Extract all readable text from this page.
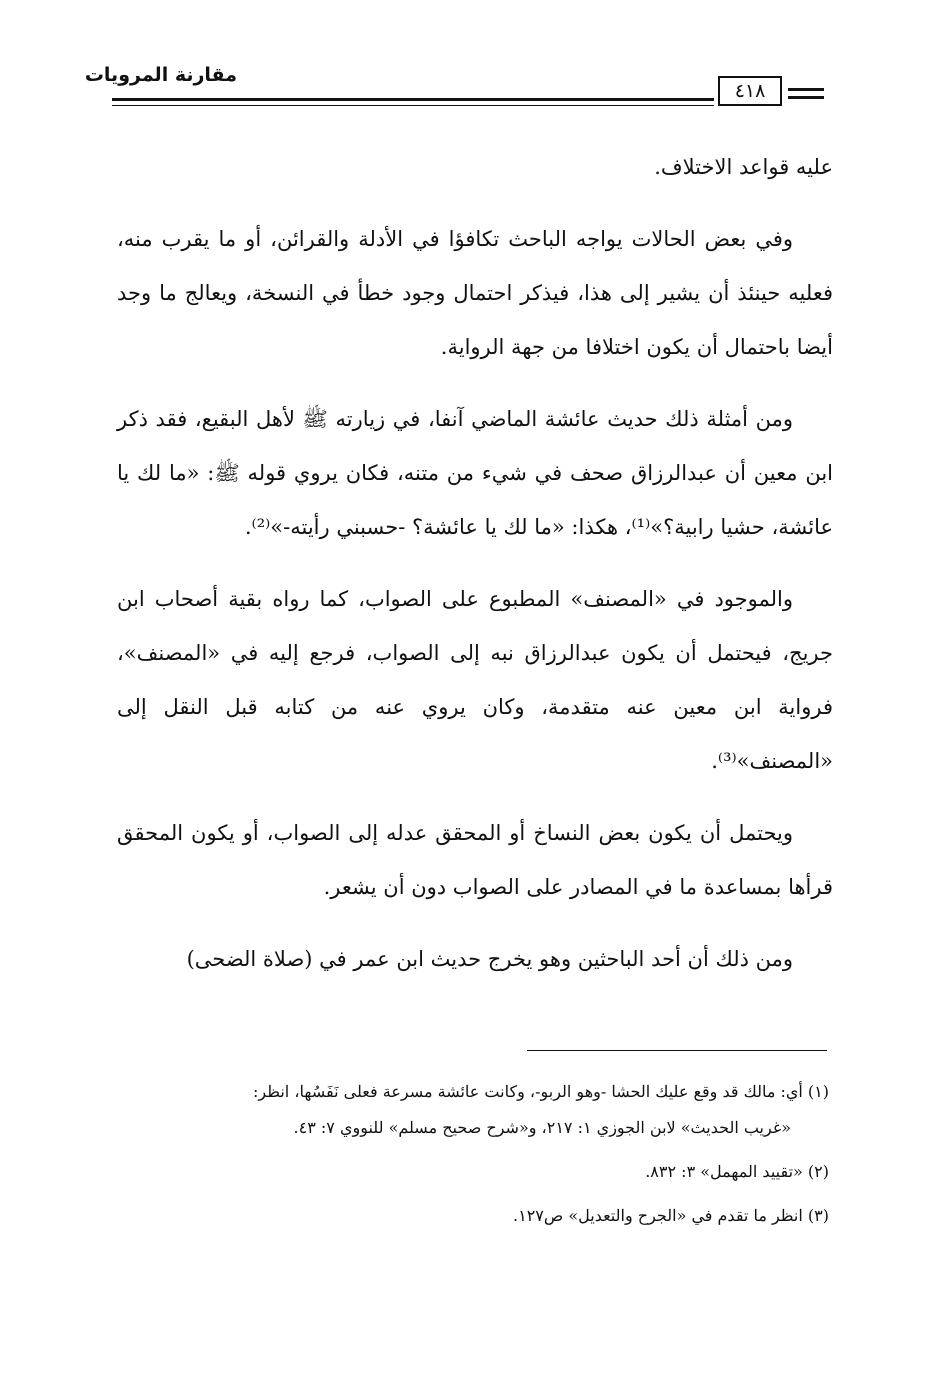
مقارنة المرويات
٤١٨

عليه قواعد الاختلاف.

وفي بعض الحالات يواجه الباحث تكافؤا في الأدلة والقرائن، أو ما يقرب منه، فعليه حينئذ أن يشير إلى هذا، فيذكر احتمال وجود خطأ في النسخة، ويعالج ما وجد أيضا باحتمال أن يكون اختلافا من جهة الرواية.

ومن أمثلة ذلك حديث عائشة الماضي آنفا، في زيارته ﷺ لأهل البقيع، فقد ذكر ابن معين أن عبدالرزاق صحف في شيء من متنه، فكان يروي قوله ﷺ: «ما لك يا عائشة، حشيا رابية؟»⁽¹⁾، هكذا: «ما لك يا عائشة؟ -حسبني رأيته-»⁽²⁾.

والموجود في «المصنف» المطبوع على الصواب، كما رواه بقية أصحاب ابن جريج، فيحتمل أن يكون عبدالرزاق نبه إلى الصواب، فرجع إليه في «المصنف»، فرواية ابن معين عنه متقدمة، وكان يروي عنه من كتابه قبل النقل إلى «المصنف»⁽³⁾.

ويحتمل أن يكون بعض النساخ أو المحقق عدله إلى الصواب، أو يكون المحقق قرأها بمساعدة ما في المصادر على الصواب دون أن يشعر.

ومن ذلك أن أحد الباحثين وهو يخرج حديث ابن عمر في (صلاة الضحى)

(١) أي: مالك قد وقع عليك الحشا -وهو الربو-، وكانت عائشة مسرعة فعلى نَفَسُها، انظر:
«غريب الحديث» لابن الجوزي ١: ٢١٧، و«شرح صحيح مسلم» للنووي ٧: ٤٣.
(٢) «تقييد المهمل» ٣: ٨٣٢.
(٣) انظر ما تقدم في «الجرح والتعديل» ص١٢٧.
